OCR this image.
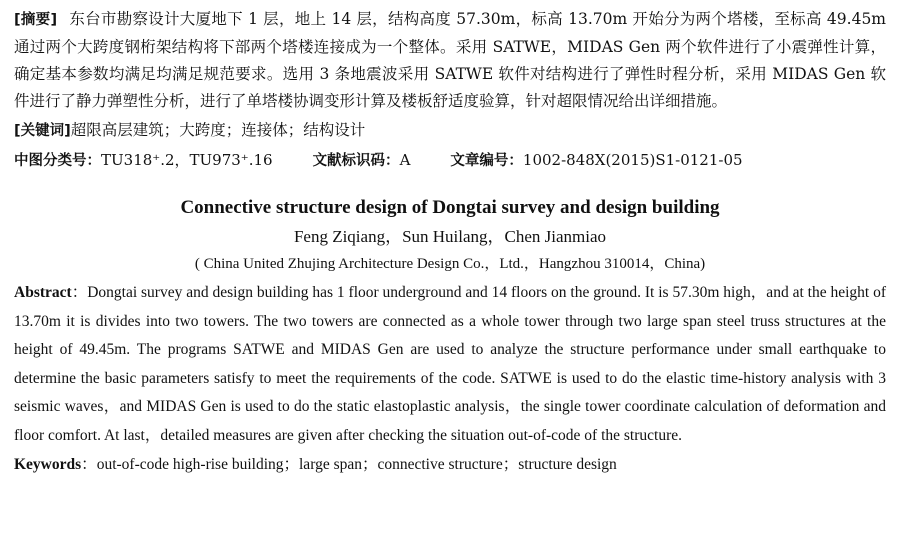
[摘要] 东台市勘察设计大厦地下 1 层，地上 14 层，结构高度 57.30m，标高 13.70m 开始分为两个塔楼，至标高 49.45m 通过两个大跨度钢桁架结构将下部两个塔楼连接成为一个整体。采用 SATWE，MIDAS Gen 两个软件进行了小震弹性计算，确定基本参数均满足均满足规范要求。选用 3 条地震波采用 SATWE 软件对结构进行了弹性时程分析，采用 MIDAS Gen 软件进行了静力弹塑性分析，进行了单塔楼协调变形计算及楼板舒适度验算，针对超限情况给出详细措施。

[关键词]超限高层建筑；大跨度；连接体；结构设计

中图分类号：TU318⁺.2，TU973⁺.16	文献标识码：A	文章编号：1002-848X(2015)S1-0121-05

Connective structure design of Dongtai survey and design building

Feng Ziqiang，Sun Huilang，Chen Jianmiao

( China United Zhujing Architecture Design Co.，Ltd.，Hangzhou 310014，China)

Abstract：Dongtai survey and design building has 1 floor underground and 14 floors on the ground. It is 57.30m high，and at the height of 13.70m it is divides into two towers. The two towers are connected as a whole tower through two large span steel truss structures at the height of 49.45m. The programs SATWE and MIDAS Gen are used to analyze the structure performance under small earthquake to determine the basic parameters satisfy to meet the requirements of the code. SATWE is used to do the elastic time-history analysis with 3 seismic waves，and MIDAS Gen is used to do the static elastoplastic analysis，the single tower coordinate calculation of deformation and floor comfort. At last，detailed measures are given after checking the situation out-of-code of the structure.

Keywords：out-of-code high-rise building；large span；connective structure；structure design
